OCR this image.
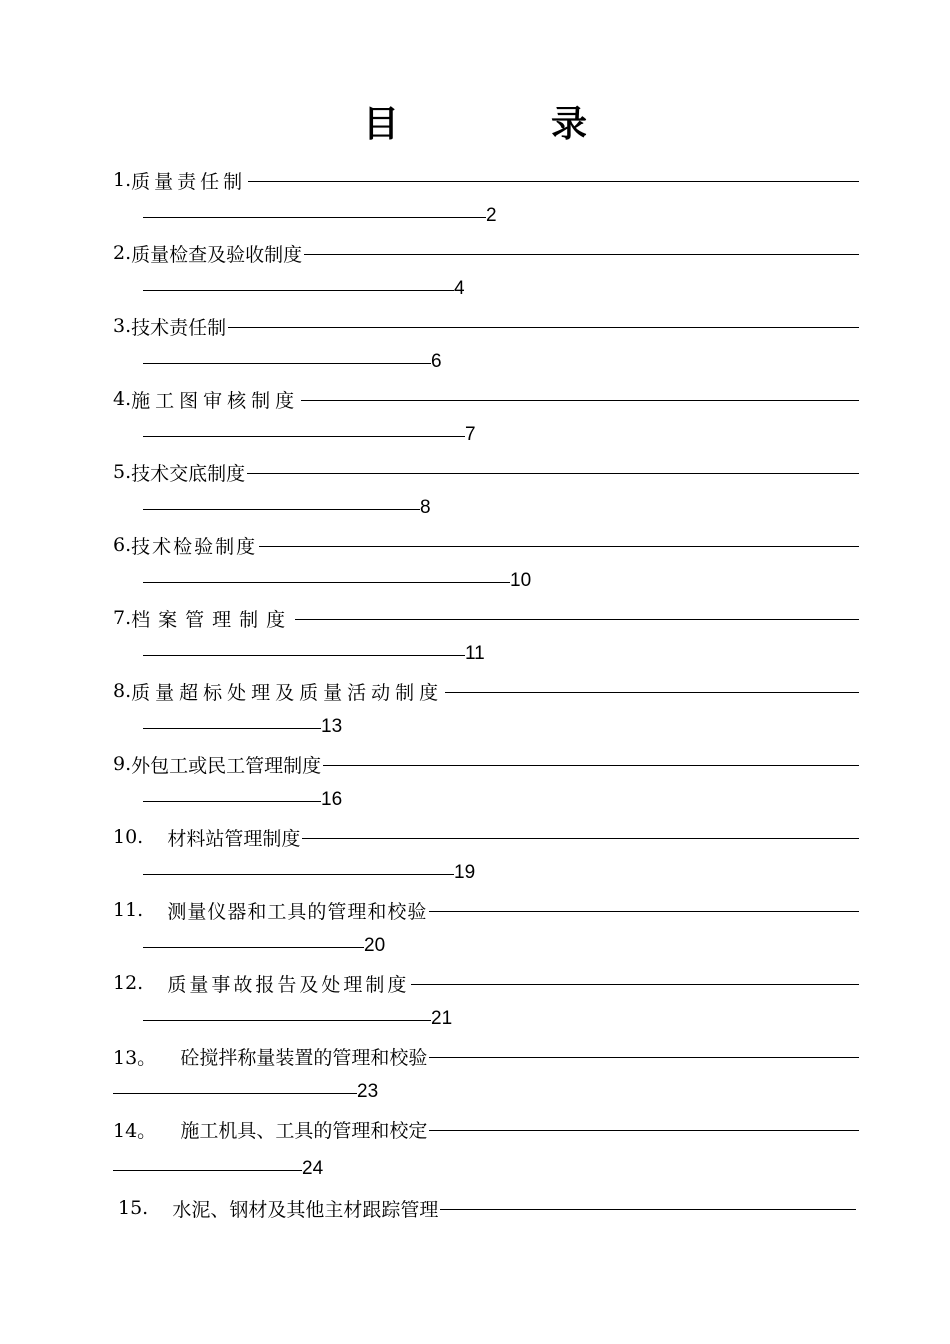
目　录
1. 质量责任制
2
2. 质量检查及验收制度
4
3. 技术责任制
6
4. 施工图审核制度
7
5. 技术交底制度
8
6. 技术检验制度
10
7. 档案管理制度
11
8. 质量超标处理及质量活动制度
13
9. 外包工或民工管理制度
16
10. 材料站管理制度
19
11. 测量仪器和工具的管理和校验
20
12. 质量事故报告及处理制度
21
13。 砼搅拌称量装置的管理和校验
23
14。 施工机具、工具的管理和校定
24
15. 水泥、钢材及其他主材跟踪管理
